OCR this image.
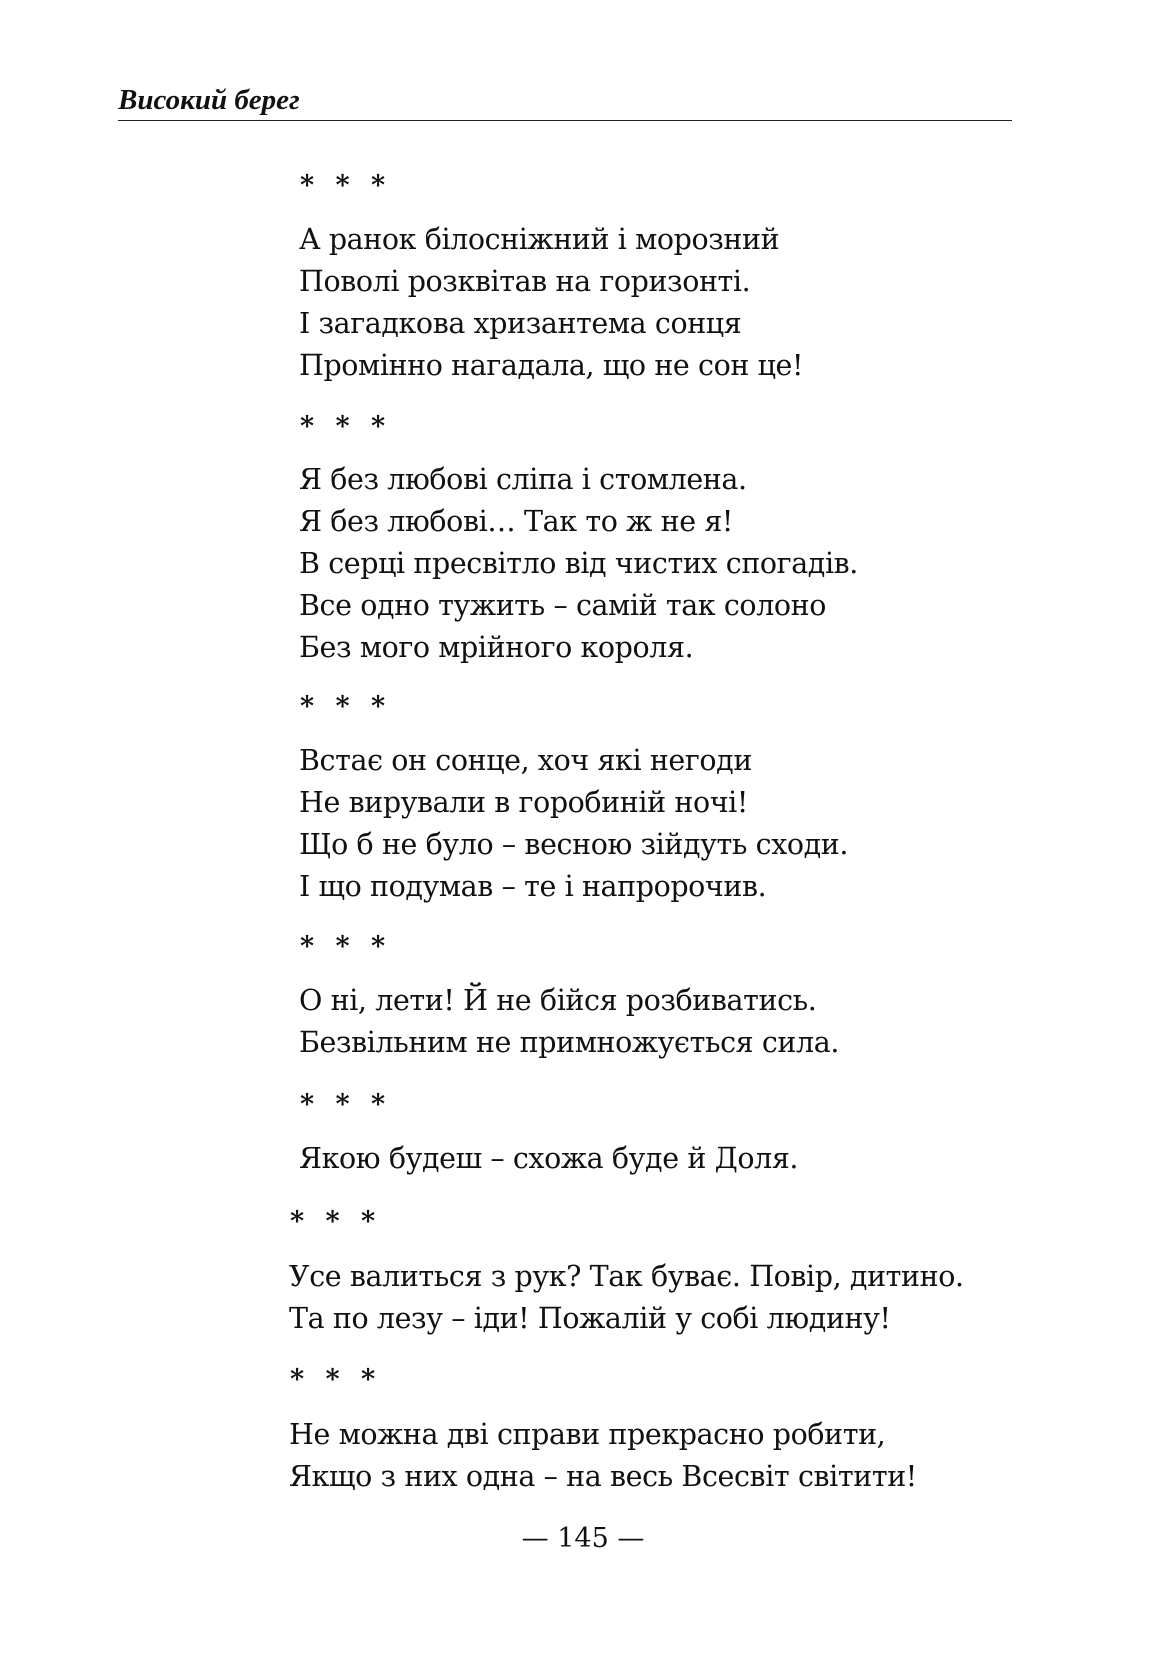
Високий берег
* * *
А ранок білосніжний і морозний
Поволі розквітав на горизонті.
І загадкова хризантема сонця
Промінно нагадала, що не сон це!
* * *
Я без любові сліпа і стомлена.
Я без любові… Так то ж не я!
В серці пресвітло від чистих спогадів.
Все одно тужить – самій так солоно
Без мого мрійного короля.
* * *
Встає он сонце, хоч які негоди
Не вирували в горобиній ночі!
Що б не було – весною зійдуть сходи.
І що подумав – те і напророчив.
* * *
О ні, лети! Й не бійся розбиватись.
Безвільним не примножується сила.
* * *
Якою будеш – схожа буде й Доля.
* * *
Усе валиться з рук? Так буває. Повір, дитино.
Та по лезу – іди! Пожалій у собі людину!
* * *
Не можна дві справи прекрасно робити,
Якщо з них одна – на весь Всесвіт світити!
— 145 —
